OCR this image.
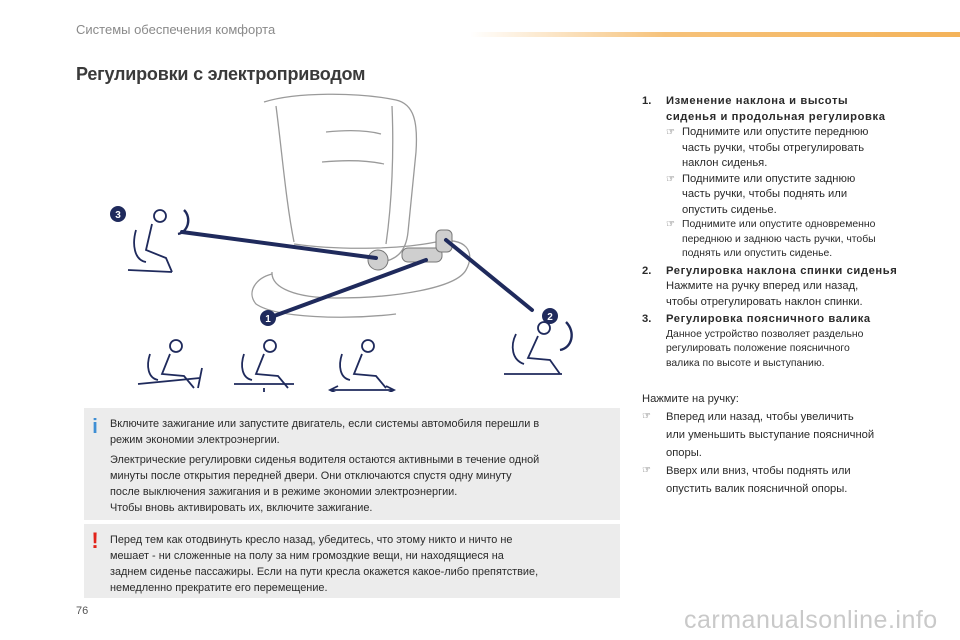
Системы обеспечения комфорта
Регулировки с электроприводом
3
1	2
1. Изменение наклона и высоты
сиденья и продольная регулировка
☞ Поднимите или опустите переднюю
часть ручки, чтобы отрегулировать
наклон сиденья.
☞ Поднимите или опустите заднюю
часть ручки, чтобы поднять или
опустить сиденье.
☞ Поднимите или опустите одновременно
переднюю и заднюю часть ручки, чтобы
поднять или опустить сиденье.
2. Регулировка наклона спинки сиденья
Нажмите на ручку вперед или назад,
чтобы отрегулировать наклон спинки.
3. Регулировка поясничного валика
Данное устройство позволяет раздельно
регулировать положение поясничного
валика по высоте и выступанию.
Нажмите на ручку:
☞ Вперед или назад, чтобы увеличить
или уменьшить выступание поясничной
опоры.
☞ Вверх или вниз, чтобы поднять или
опустить валик поясничной опоры.
i Включите зажигание или запустите двигатель, если системы автомобиля перешли в
режим экономии электроэнергии.

Электрические регулировки сиденья водителя остаются активными в течение одной
минуты после открытия передней двери. Они отключаются спустя одну минуту
после выключения зажигания и в режиме экономии электроэнергии.
Чтобы вновь активировать их, включите зажигание.

! Перед тем как отодвинуть кресло назад, убедитесь, что этому никто и ничто не
мешает - ни сложенные на полу за ним громоздкие вещи, ни находящиеся на
заднем сиденье пассажиры. Если на пути кресла окажется какое-либо препятствие,
немедленно прекратите его перемещение.
76	carmanualsonline.info
